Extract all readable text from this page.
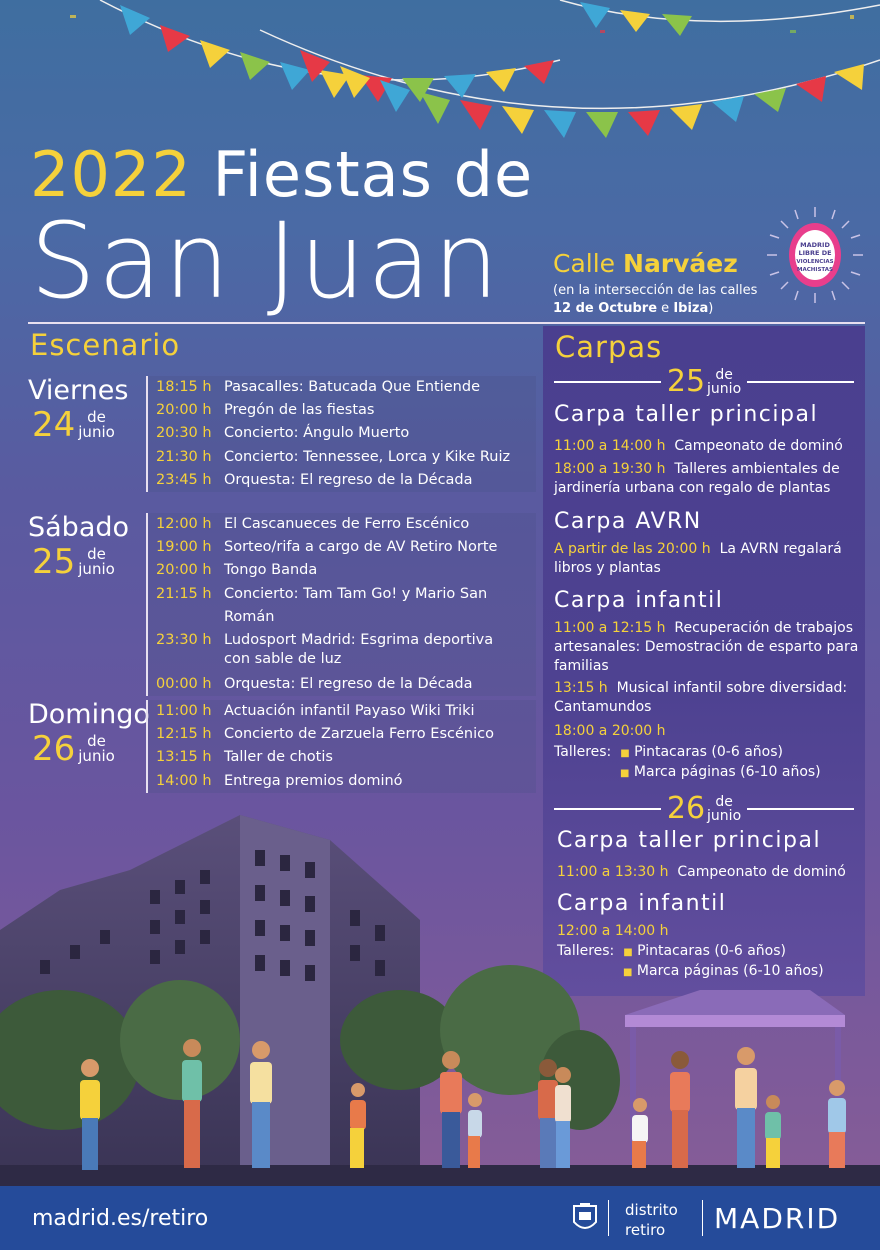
2022 Fiestas de
San Juan Calle Narváez
(en la intersección de las calles 12 de Octubre e Ibiza)
MADRID
LIBRE DE
VIOLENCIAS
MACHISTAS
Escenario
Viernes
24 de
junio
18:15 h Pasacalles: Batucada Que Entiende
20:00 h Pregón de las fiestas
20:30 h Concierto: Ángulo Muerto
21:30 h Concierto: Tennessee, Lorca y Kike Ruiz
23:45 h Orquesta: El regreso de la Década
Sábado
25 de
junio
12:00 h El Cascanueces de Ferro Escénico
19:00 h Sorteo/rifa a cargo de AV Retiro Norte
20:00 h Tongo Banda
21:15 h Concierto: Tam Tam Go! y Mario San Román
23:30 h Ludosport Madrid: Esgrima deportiva
con sable de luz
00:00 h Orquesta: El regreso de la Década
Domingo
26 de
junio
11:00 h Actuación infantil Payaso Wiki Triki
12:15 h Concierto de Zarzuela Ferro Escénico
13:15 h Taller de chotis
14:00 h Entrega premios dominó
Carpas
25 de
junio
Carpa taller principal
11:00 a 14:00 h Campeonato de dominó
18:00 a 19:30 h Talleres ambientales de
jardinería urbana con regalo de plantas
Carpa AVRN
A partir de las 20:00 h La AVRN regalará
libros y plantas
Carpa infantil
11:00 a 12:15 h Recuperación de trabajos
artesanales: Demostración de esparto para
familias
13:15 h Musical infantil sobre diversidad:
Cantamundos
18:00 a 20:00 h
Talleres: ■ Pintacaras (0-6 años)
■ Marca páginas (6-10 años)
26 de
junio
Carpa taller principal
11:00 a 13:30 h Campeonato de dominó
Carpa infantil
12:00 a 14:00 h
Talleres: ■ Pintacaras (0-6 años)
■ Marca páginas (6-10 años)
madrid.es/retiro	distrito
retiro	MADRID
